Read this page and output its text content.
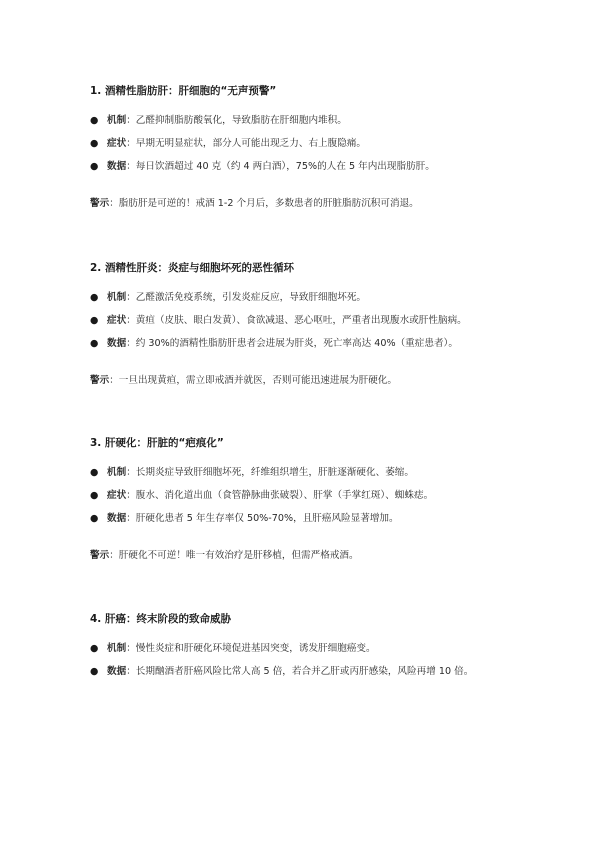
1. 酒精性脂肪肝：肝细胞的“无声预警”
● 机制：乙醛抑制脂肪酸氧化，导致脂肪在肝细胞内堆积。
● 症状：早期无明显症状，部分人可能出现乏力、右上腹隐痛。
● 数据：每日饮酒超过 40 克（约 4 两白酒），75%的人在 5 年内出现脂肪肝。

警示：脂肪肝是可逆的！戒酒 1-2 个月后，多数患者的肝脏脂肪沉积可消退。

2. 酒精性肝炎：炎症与细胞坏死的恶性循环
● 机制：乙醛激活免疫系统，引发炎症反应，导致肝细胞坏死。
● 症状：黄疸（皮肤、眼白发黄）、食欲减退、恶心呕吐，严重者出现腹水或肝性脑病。
● 数据：约 30%的酒精性脂肪肝患者会进展为肝炎，死亡率高达 40%（重症患者）。

警示：一旦出现黄疸，需立即戒酒并就医，否则可能迅速进展为肝硬化。

3. 肝硬化：肝脏的“疤痕化”
● 机制：长期炎症导致肝细胞坏死，纤维组织增生，肝脏逐渐硬化、萎缩。
● 症状：腹水、消化道出血（食管静脉曲张破裂）、肝掌（手掌红斑）、蜘蛛痣。
● 数据：肝硬化患者 5 年生存率仅 50%-70%，且肝癌风险显著增加。

警示：肝硬化不可逆！唯一有效治疗是肝移植，但需严格戒酒。

4. 肝癌：终末阶段的致命威胁
● 机制：慢性炎症和肝硬化环境促进基因突变，诱发肝细胞癌变。
● 数据：长期酗酒者肝癌风险比常人高 5 倍，若合并乙肝或丙肝感染，风险再增 10 倍。
